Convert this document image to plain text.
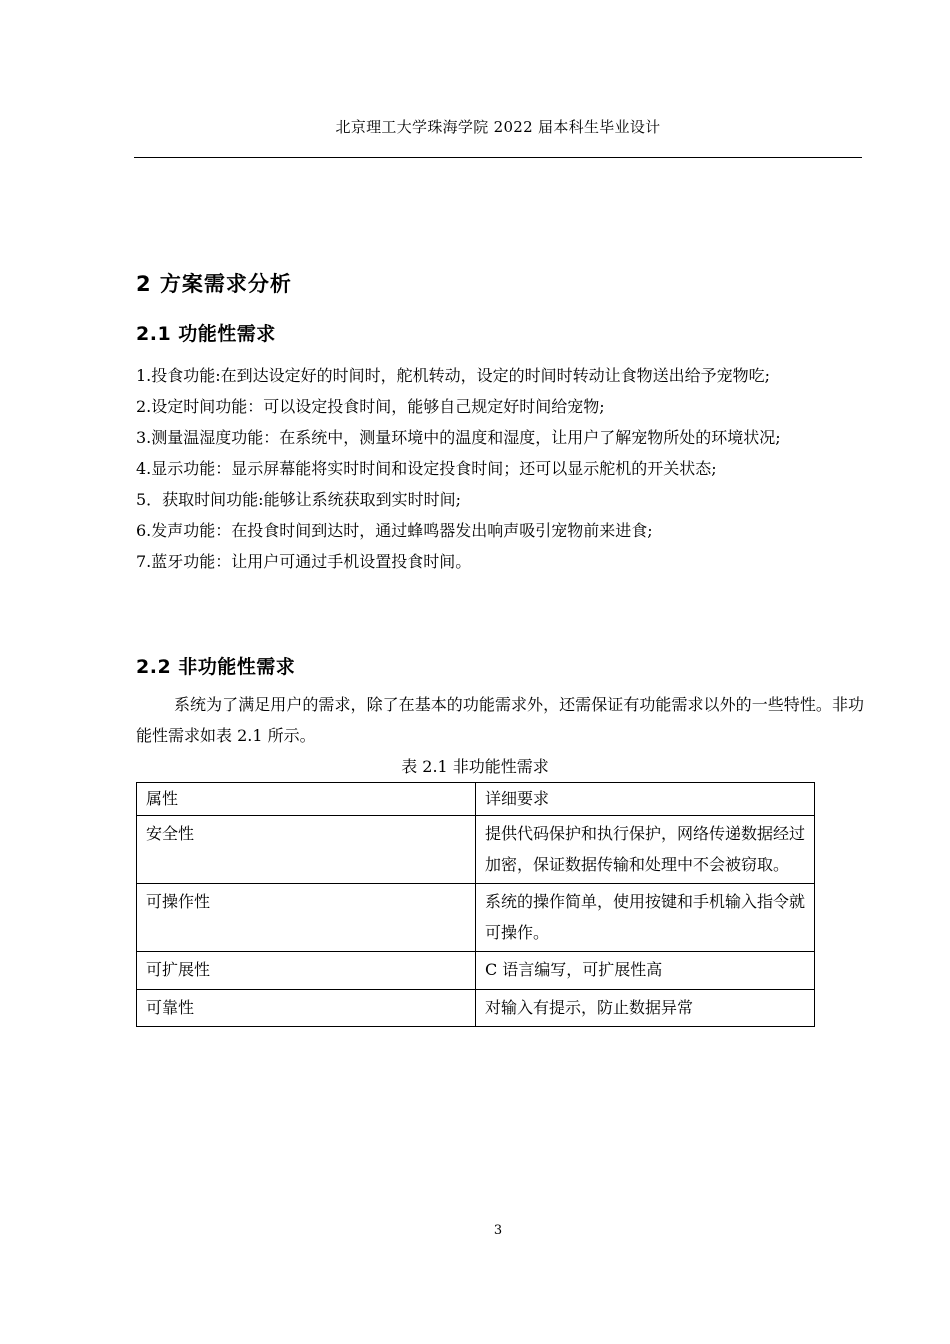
北京理工大学珠海学院 2022 届本科生毕业设计
2 方案需求分析
2.1 功能性需求
1.投食功能:在到达设定好的时间时，舵机转动，设定的时间时转动让食物送出给予宠物吃;
2.设定时间功能：可以设定投食时间，能够自己规定好时间给宠物;
3.测量温湿度功能：在系统中，测量环境中的温度和湿度，让用户了解宠物所处的环境状况;
4.显示功能：显示屏幕能将实时时间和设定投食时间；还可以显示舵机的开关状态;
5．获取时间功能:能够让系统获取到实时时间;
6.发声功能：在投食时间到达时，通过蜂鸣器发出响声吸引宠物前来进食;
7.蓝牙功能：让用户可通过手机设置投食时间。
2.2 非功能性需求

系统为了满足用户的需求，除了在基本的功能需求外，还需保证有功能需求以外的一些特性。非功能性需求如表 2.1 所示。

表 2.1 非功能性需求
属性	详细要求
安全性	提供代码保护和执行保护，网络传递数据经过加密，保证数据传输和处理中不会被窃取。
可操作性	系统的操作简单，使用按键和手机输入指令就可操作。
可扩展性	C 语言编写，可扩展性高
可靠性	对输入有提示，防止数据异常
3
